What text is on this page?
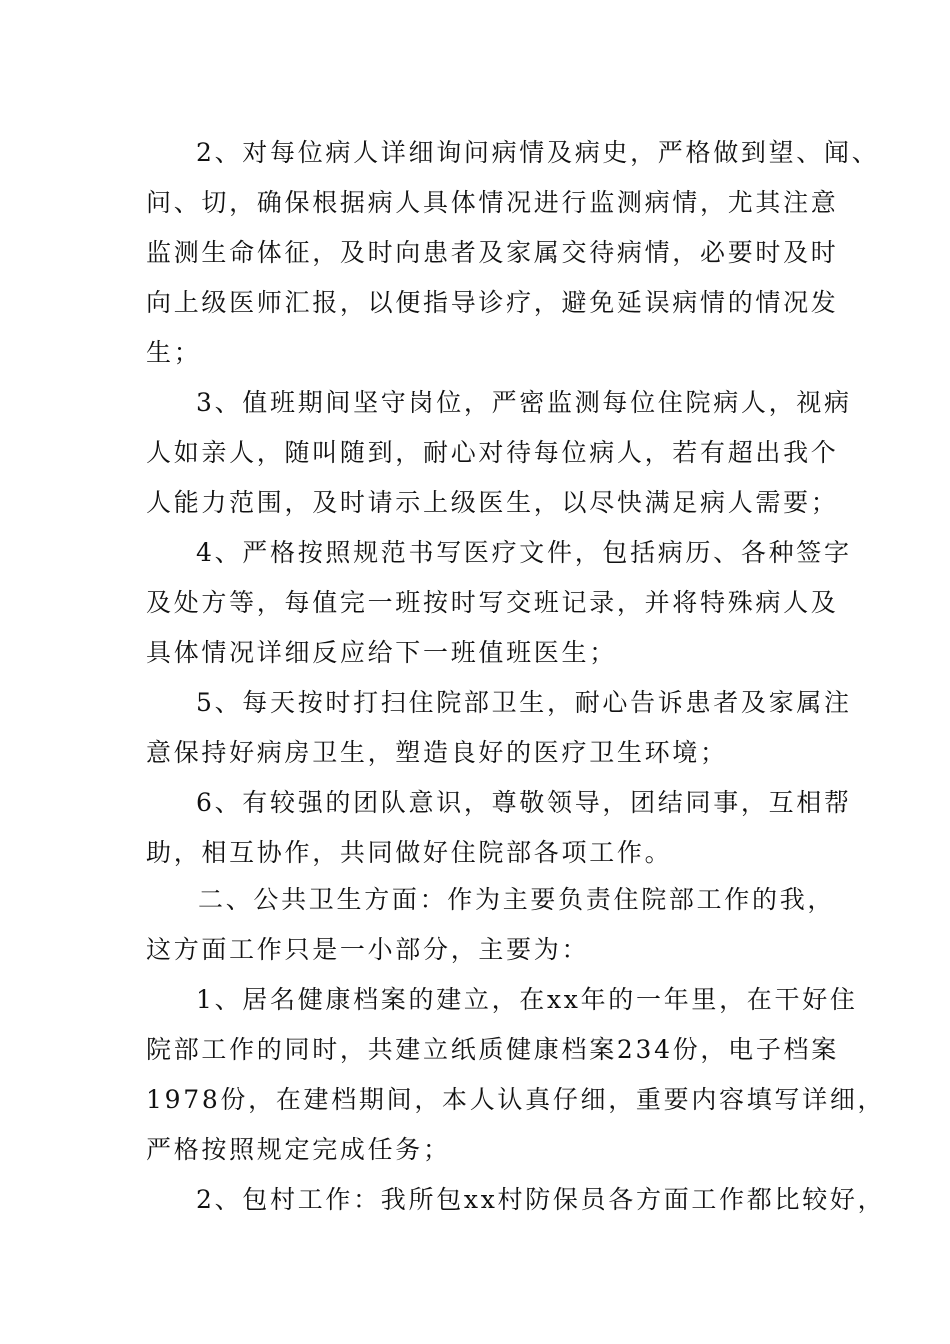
2、对每位病人详细询问病情及病史，严格做到望、闻、
问、切，确保根据病人具体情况进行监测病情，尤其注意
监测生命体征，及时向患者及家属交待病情，必要时及时
向上级医师汇报，以便指导诊疗，避免延误病情的情况发
生；
3、值班期间坚守岗位，严密监测每位住院病人，视病
人如亲人，随叫随到，耐心对待每位病人，若有超出我个
人能力范围，及时请示上级医生，以尽快满足病人需要；
4、严格按照规范书写医疗文件，包括病历、各种签字
及处方等，每值完一班按时写交班记录，并将特殊病人及
具体情况详细反应给下一班值班医生；
5、每天按时打扫住院部卫生，耐心告诉患者及家属注
意保持好病房卫生，塑造良好的医疗卫生环境；
6、有较强的团队意识，尊敬领导，团结同事，互相帮
助，相互协作，共同做好住院部各项工作。
二、公共卫生方面：作为主要负责住院部工作的我，
这方面工作只是一小部分，主要为：
1、居名健康档案的建立，在xx年的一年里，在干好住
院部工作的同时，共建立纸质健康档案234份，电子档案
1978份，在建档期间，本人认真仔细，重要内容填写详细，
严格按照规定完成任务；
2、包村工作：我所包xx村防保员各方面工作都比较好，
